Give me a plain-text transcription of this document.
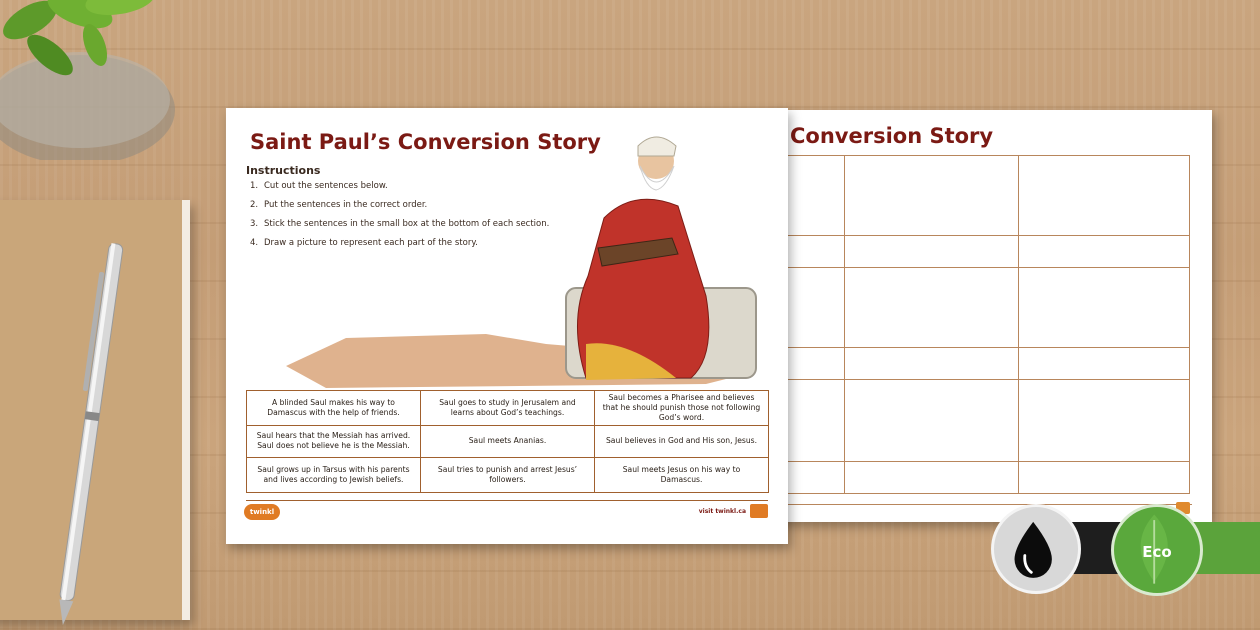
Conversion Story

Saint Paul’s Conversion Story
Instructions
1. Cut out the sentences below.
2. Put the sentences in the correct order.
3. Stick the sentences in the small box at the bottom of each section.
4. Draw a picture to represent each part of the story.
A blinded Saul makes his way to Damascus with the help of friends.	Saul goes to study in Jerusalem and learns about God’s teachings.	Saul becomes a Pharisee and believes that he should punish those not following God’s word.
Saul hears that the Messiah has arrived. Saul does not believe he is the Messiah.	Saul meets Ananias.	Saul believes in God and His son, Jesus.
Saul grows up in Tarsus with his parents and lives according to Jewish beliefs.	Saul tries to punish and arrest Jesus’ followers.	Saul meets Jesus on his way to Damascus.
twinkl	visit twinkl.ca
Eco
